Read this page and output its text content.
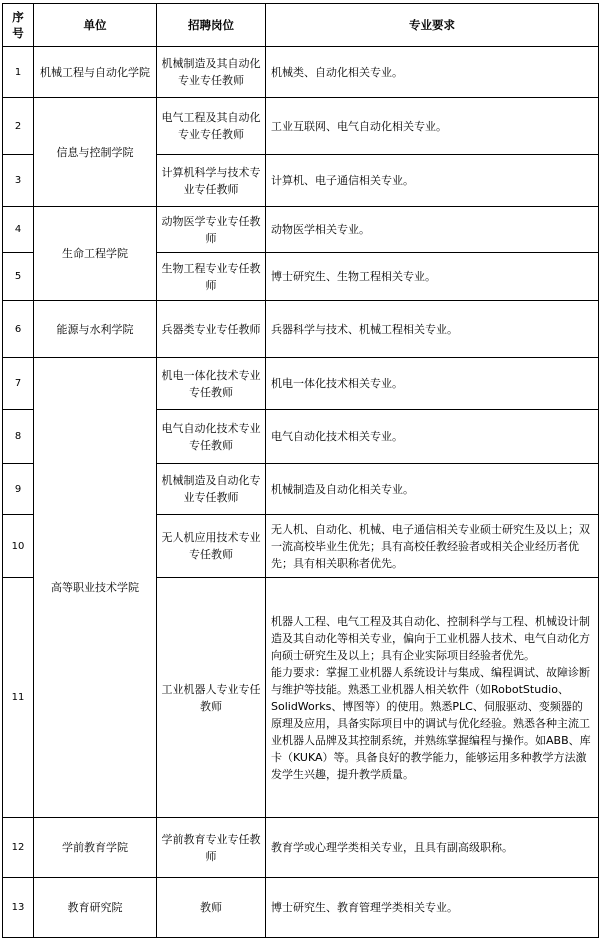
序
号	单位	招聘岗位	专业要求
1	机械工程与自动化学院	机械制造及其自动化专业专任教师	机械类、自动化相关专业。
2	信息与控制学院	电气工程及其自动化专业专任教师	工业互联网、电气自动化相关专业。
3		计算机科学与技术专业专任教师	计算机、电子通信相关专业。
4	生命工程学院	动物医学专业专任教师	动物医学相关专业。
5		生物工程专业专任教师	博士研究生、生物工程相关专业。
6	能源与水利学院	兵器类专业专任教师	兵器科学与技术、机械工程相关专业。
7	高等职业技术学院	机电一体化技术专业专任教师	机电一体化技术相关专业。
8		电气自动化技术专业专任教师	电气自动化技术相关专业。
9		机械制造及自动化专业专任教师	机械制造及自动化相关专业。
10		无人机应用技术专业专任教师	无人机、自动化、机械、电子通信相关专业硕士研究生及以上；双一流高校毕业生优先；具有高校任教经验者或相关企业经历者优先；具有相关职称者优先。
11		工业机器人专业专任教师	机器人工程、电气工程及其自动化、控制科学与工程、机械设计制造及其自动化等相关专业，偏向于工业机器人技术、电气自动化方向硕士研究生及以上；具有企业实际项目经验者优先。
能力要求：掌握工业机器人系统设计与集成、编程调试、故障诊断与维护等技能。熟悉工业机器人相关软件（如RobotStudio、SolidWorks、博图等）的使用。熟悉PLC、伺服驱动、变频器的原理及应用，具备实际项目中的调试与优化经验。熟悉各种主流工业机器人品牌及其控制系统，并熟练掌握编程与操作。如ABB、库卡（KUKA）等。具备良好的教学能力，能够运用多种教学方法激发学生兴趣，提升教学质量。

12	学前教育学院	学前教育专业专任教师	教育学或心理学类相关专业，且具有副高级职称。
13	教育研究院	教师	博士研究生、教育管理学类相关专业。
